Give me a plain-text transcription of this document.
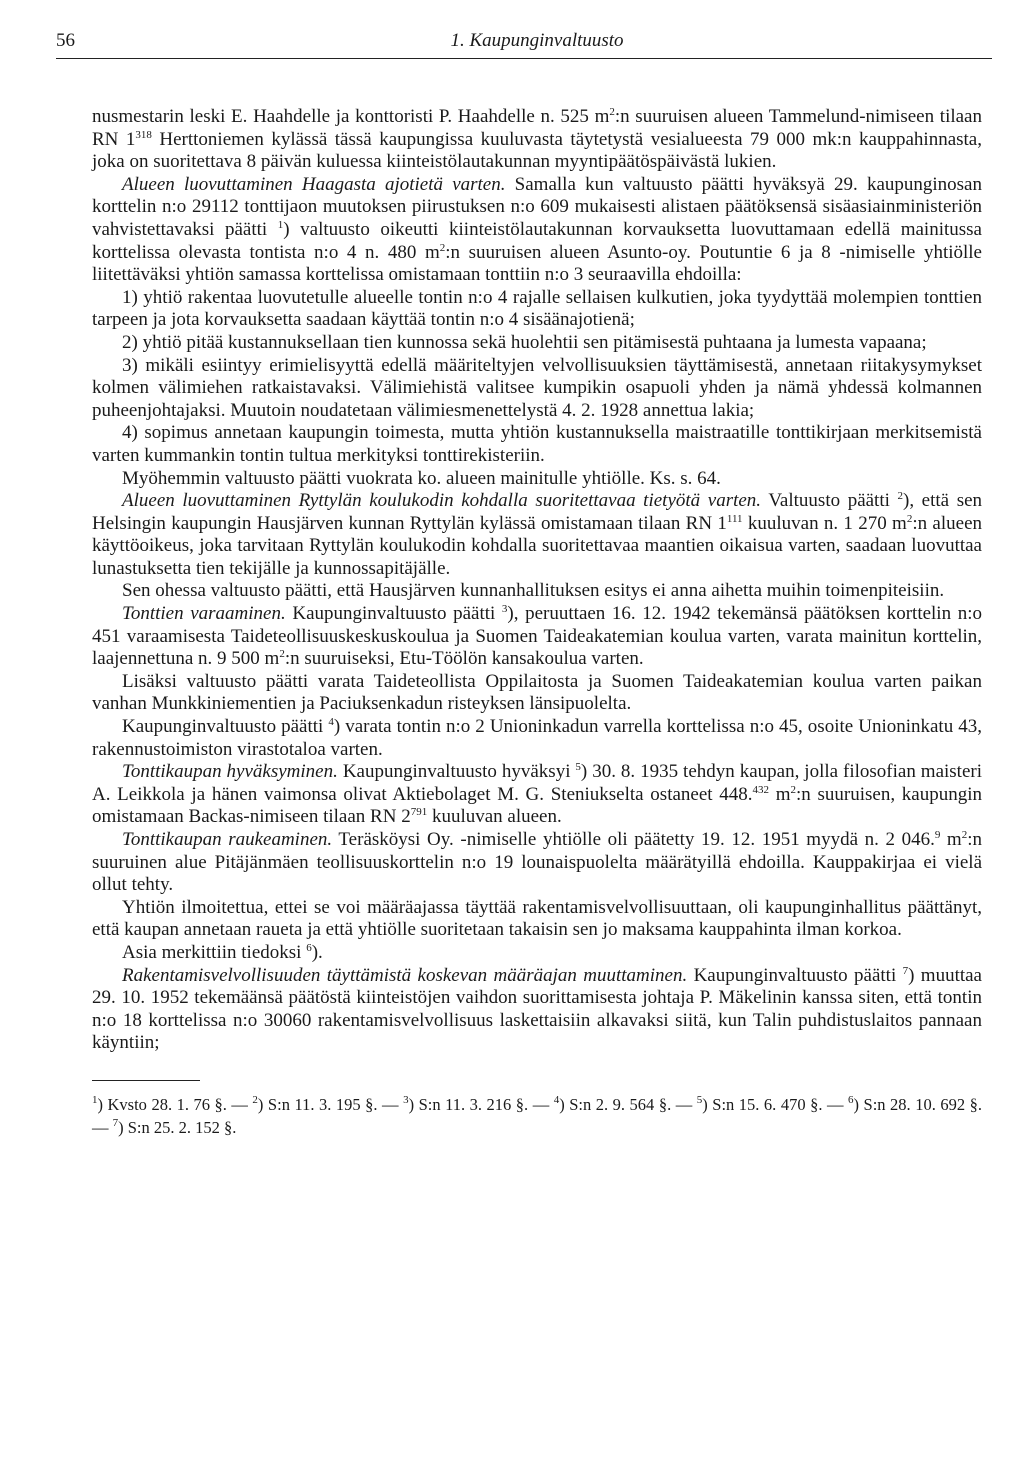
56	1. Kaupunginvaltuusto

nusmestarin leski E. Haahdelle ja konttoristi P. Haahdelle n. 525 $m^2:n$ suuruisen alueen Tammelund-nimiseen tilaan RN $1^{318}$ Herttoniemen kylässä tässä kaupungissa kuuluvasta täytetystä vesialueesta 79 000 mk:n kauppahinnasta, joka on suoritettava 8 päivän kuluessa kiinteistölautakunnan myyntipäätöspäivästä lukien.

Alueen luovuttaminen Haagasta ajotietä varten. Samalla kun valtuusto päätti hyväksyä 29. kaupunginosan korttelin n:o 29112 tonttijaon muutoksen piirustuksen n:o 609 mukaisesti alistaen päätöksensä sisäasiainministeriön vahvistettavaksi päätti $^1$) valtuusto oikeutti kiinteistölautakunnan korvauksetta luovuttamaan edellä mainitussa korttelissa olevasta tontista n:o 4 n. 480 $m^2:n$ suuruisen alueen Asunto-oy. Poutuntie 6 ja 8 -nimiselle yhtiölle liitettäväksi yhtiön samassa korttelissa omistamaan tonttiin n:o 3 seuraavilla ehdoilla:

1) yhtiö rakentaa luovutetulle alueelle tontin n:o 4 rajalle sellaisen kulkutien, joka tyydyttää molempien tonttien tarpeen ja jota korvauksetta saadaan käyttää tontin n:o 4 sisäänajotienä;

2) yhtiö pitää kustannuksellaan tien kunnossa sekä huolehtii sen pitämisestä puhtaana ja lumesta vapaana;

3) mikäli esiintyy erimielisyyttä edellä määriteltyjen velvollisuuksien täyttämisestä, annetaan riitakysymykset kolmen välimiehen ratkaistavaksi. Välimiehistä valitsee kumpikin osapuoli yhden ja nämä yhdessä kolmannen puheenjohtajaksi. Muutoin noudatetaan välimiesmenettelystä 4. 2. 1928 annettua lakia;

4) sopimus annetaan kaupungin toimesta, mutta yhtiön kustannuksella maistraatille tonttikirjaan merkitsemistä varten kummankin tontin tultua merkityksi tonttirekisteriin.

Myöhemmin valtuusto päätti vuokrata ko. alueen mainitulle yhtiölle. Ks. s. 64.

Alueen luovuttaminen Ryttylän koulukodin kohdalla suoritettavaa tietyötä varten. Valtuusto päätti $^2$), että sen Helsingin kaupungin Hausjärven kunnan Ryttylän kylässä omistamaan tilaan RN $1^{111}$ kuuluvan n. 1 270 $m^2:n$ alueen käyttöoikeus, joka tarvitaan Ryttylän koulukodin kohdalla suoritettavaa maantien oikaisua varten, saadaan luovuttaa lunastuksetta tien tekijälle ja kunnossapitäjälle.

Sen ohessa valtuusto päätti, että Hausjärven kunnanhallituksen esitys ei anna aihetta muihin toimenpiteisiin.

Tonttien varaaminen. Kaupunginvaltuusto päätti $^3$), peruuttaen 16. 12. 1942 tekemänsä päätöksen korttelin n:o 451 varaamisesta Taideteollisuuskeskuskoulua ja Suomen Taideakatemian koulua varten, varata mainitun korttelin, laajennettuna n. 9 500 $m^2:n$ suuruiseksi, Etu-Töölön kansakoulua varten.

Lisäksi valtuusto päätti varata Taideteollista Oppilaitosta ja Suomen Taideakatemian koulua varten paikan vanhan Munkkiniementien ja Paciuksenkadun risteyksen länsipuolelta.

Kaupunginvaltuusto päätti $^4$) varata tontin n:o 2 Unioninkadun varrella korttelissa n:o 45, osoite Unioninkatu 43, rakennustoimiston virastotaloa varten.

Tonttikaupan hyväksyminen. Kaupunginvaltuusto hyväksyi $^5$) 30. 8. 1935 tehdyn kaupan, jolla filosofian maisteri A. Leikkola ja hänen vaimonsa olivat Aktiebolaget M. G. Steniukselta ostaneet 448.$^{432}$ $m^2:n$ suuruisen, kaupungin omistamaan Backas-nimiseen tilaan RN $2^{791}$ kuuluvan alueen.

Tonttikaupan raukeaminen. Teräsköysi Oy. -nimiselle yhtiölle oli päätetty 19. 12. 1951 myydä n. 2 046.$^9$ $m^2:n$ suuruinen alue Pitäjänmäen teollisuuskorttelin n:o 19 lounaispuolelta määrätyillä ehdoilla. Kauppakirjaa ei vielä ollut tehty.

Yhtiön ilmoitettua, ettei se voi määräajassa täyttää rakentamisvelvollisuuttaan, oli kaupunginhallitus päättänyt, että kaupan annetaan raueta ja että yhtiölle suoritetaan takaisin sen jo maksama kauppahinta ilman korkoa.

Asia merkittiin tiedoksi $^6$).

Rakentamisvelvollisuuden täyttämistä koskevan määräajan muuttaminen. Kaupunginvaltuusto päätti $^7$) muuttaa 29. 10. 1952 tekemäänsä päätöstä kiinteistöjen vaihdon suorittamisesta johtaja P. Mäkelinin kanssa siten, että tontin n:o 18 korttelissa n:o 30060 rakentamisvelvollisuus laskettaisiin alkavaksi siitä, kun Talin puhdistuslaitos pannaan käyntiin;

$^1$) Kvsto 28. 1. 76 §. — $^2$) S:n 11. 3. 195 §. — $^3$) S:n 11. 3. 216 §. — $^4$) S:n 2. 9. 564 §. — $^5$) S:n 15. 6. 470 §. — $^6$) S:n 28. 10. 692 §. — $^7$) S:n 25. 2. 152 §.
